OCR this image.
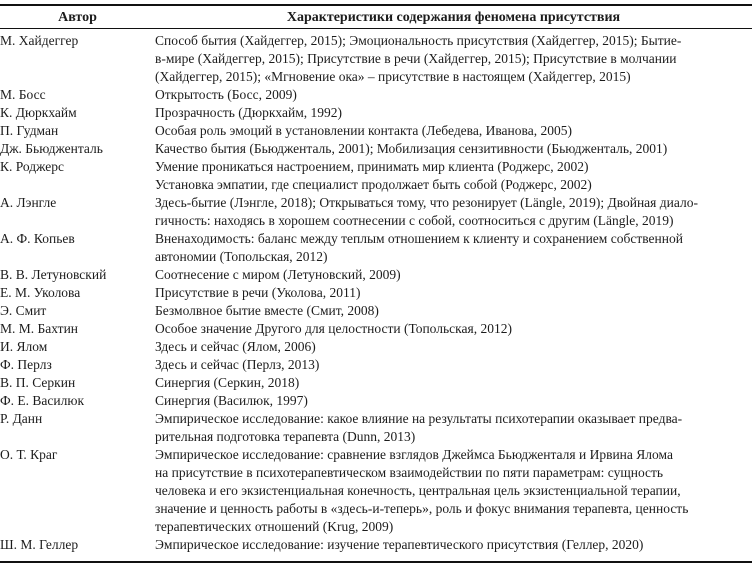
Автор	Характеристики содержания феномена присутствия
М. Хайдеггер	Способ бытия (Хайдеггер, 2015); Эмоциональность присутствия (Хайдеггер, 2015); Бытие-
в-мире (Хайдеггер, 2015); Присутствие в речи (Хайдеггер, 2015); Присутствие в молчании
(Хайдеггер, 2015); «Мгновение ока» – присутствие в настоящем (Хайдеггер, 2015)

М. Босс	Открытость (Босс, 2009)

К. Дюркхайм	Прозрачность (Дюркхайм, 1992)

П. Гудман	Особая роль эмоций в установлении контакта (Лебедева, Иванова, 2005)

Дж. Бьюдженталь	Качество бытия (Бьюдженталь, 2001); Мобилизация сензитивности (Бьюдженталь, 2001)

К. Роджерс	Умение проникаться настроением, принимать мир клиента (Роджерс, 2002)
Установка эмпатии, где специалист продолжает быть собой (Роджерс, 2002)

А. Лэнгле	Здесь-бытие (Лэнгле, 2018); Открываться тому, что резонирует (Längle, 2019); Двойная диало-
гичность: находясь в хорошем соотнесении с собой, соотноситься с другим (Längle, 2019)

А. Ф. Копьев	Вненаходимость: баланс между теплым отношением к клиенту и сохранением собственной
автономии (Топольская, 2012)

В. В. Летуновский	Соотнесение с миром (Летуновский, 2009)

Е. М. Уколова	Присутствие в речи (Уколова, 2011)

Э. Смит	Безмолвное бытие вместе (Смит, 2008)

М. М. Бахтин	Особое значение Другого для целостности (Топольская, 2012)

И. Ялом	Здесь и сейчас (Ялом, 2006)

Ф. Перлз	Здесь и сейчас (Перлз, 2013)

В. П. Серкин	Синергия (Серкин, 2018)

Ф. Е. Василюк	Синергия (Василюк, 1997)

Р. Данн	Эмпирическое исследование: какое влияние на результаты психотерапии оказывает предва-
рительная подготовка терапевта (Dunn, 2013)

О. Т. Краг	Эмпирическое исследование: сравнение взглядов Джеймса Бьюдженталя и Ирвина Ялома
на присутствие в психотерапевтическом взаимодействии по пяти параметрам: сущность
человека и его экзистенциальная конечность, центральная цель экзистенциальной терапии,
значение и ценность работы в «здесь-и-теперь», роль и фокус внимания терапевта, ценность
терапевтических отношений (Krug, 2009)

Ш. М. Геллер	Эмпирическое исследование: изучение терапевтического присутствия (Геллер, 2020)
